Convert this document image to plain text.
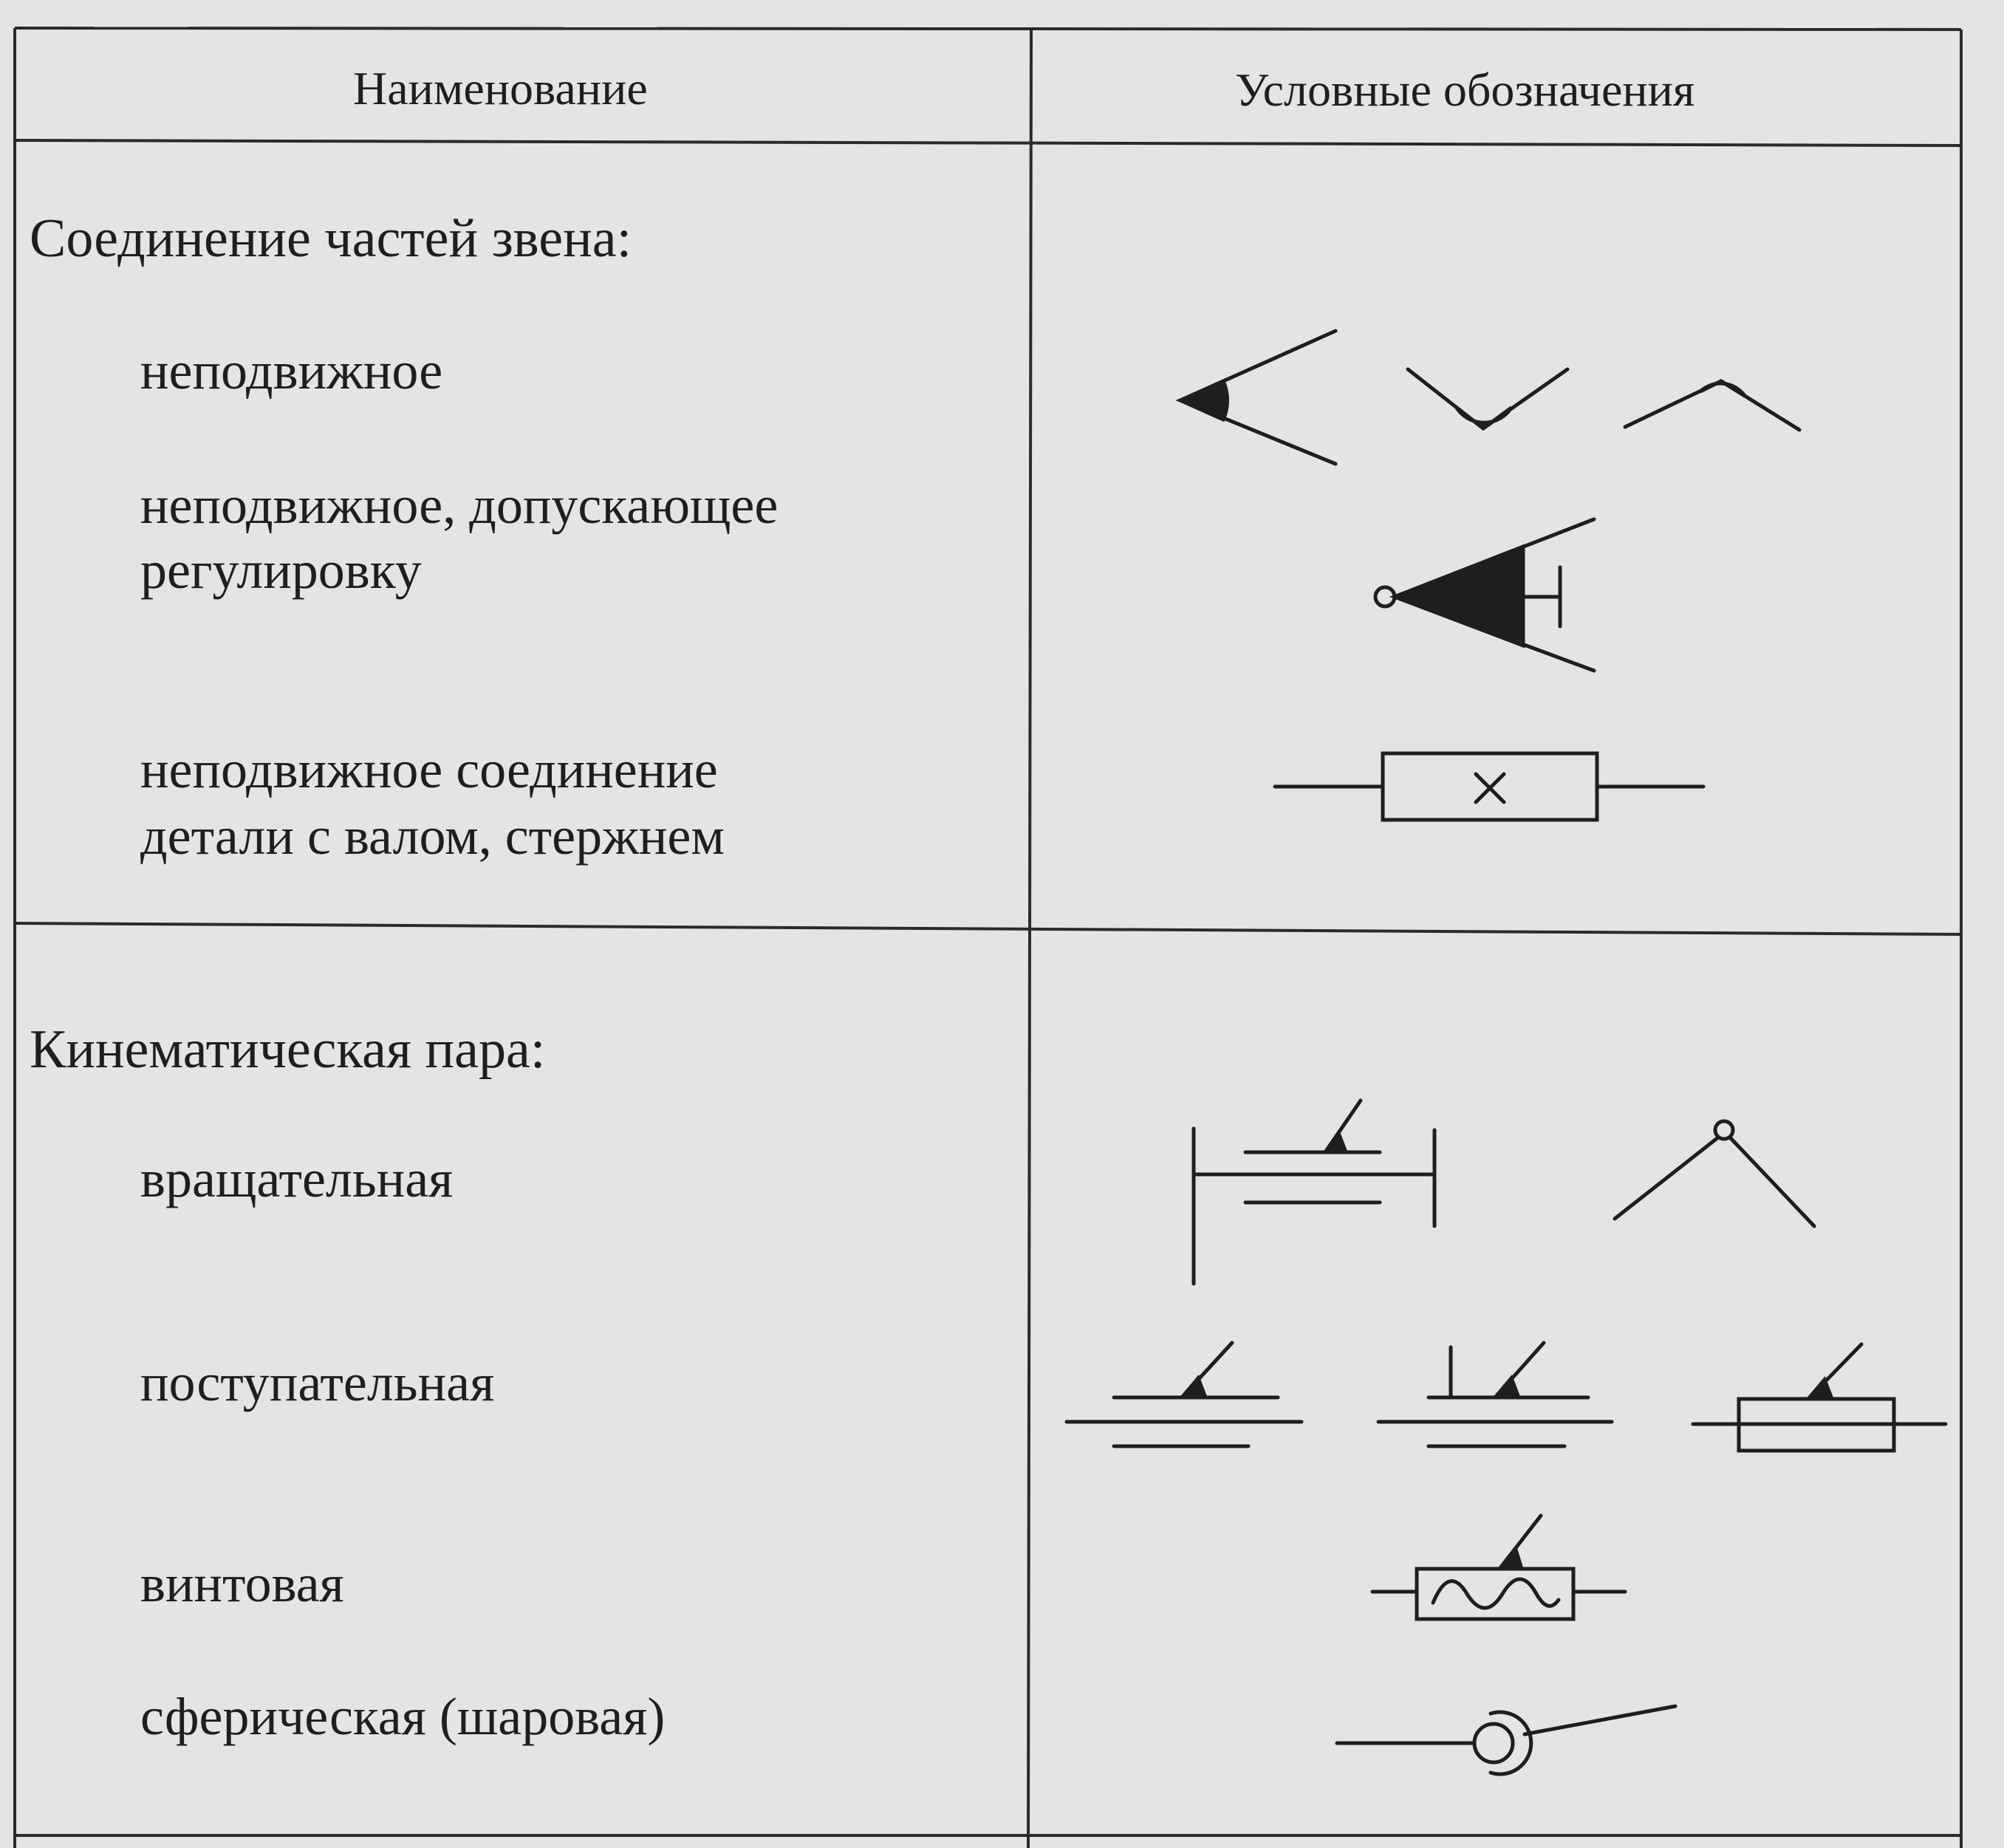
Наименование	Условные обозначения
Соединение частей звена:
неподвижное
неподвижное, допускающее
регулировку
неподвижное соединение
детали с валом, стержнем
Кинематическая пара:
вращательная
поступательная
винтовая
сферическая (шаровая)
